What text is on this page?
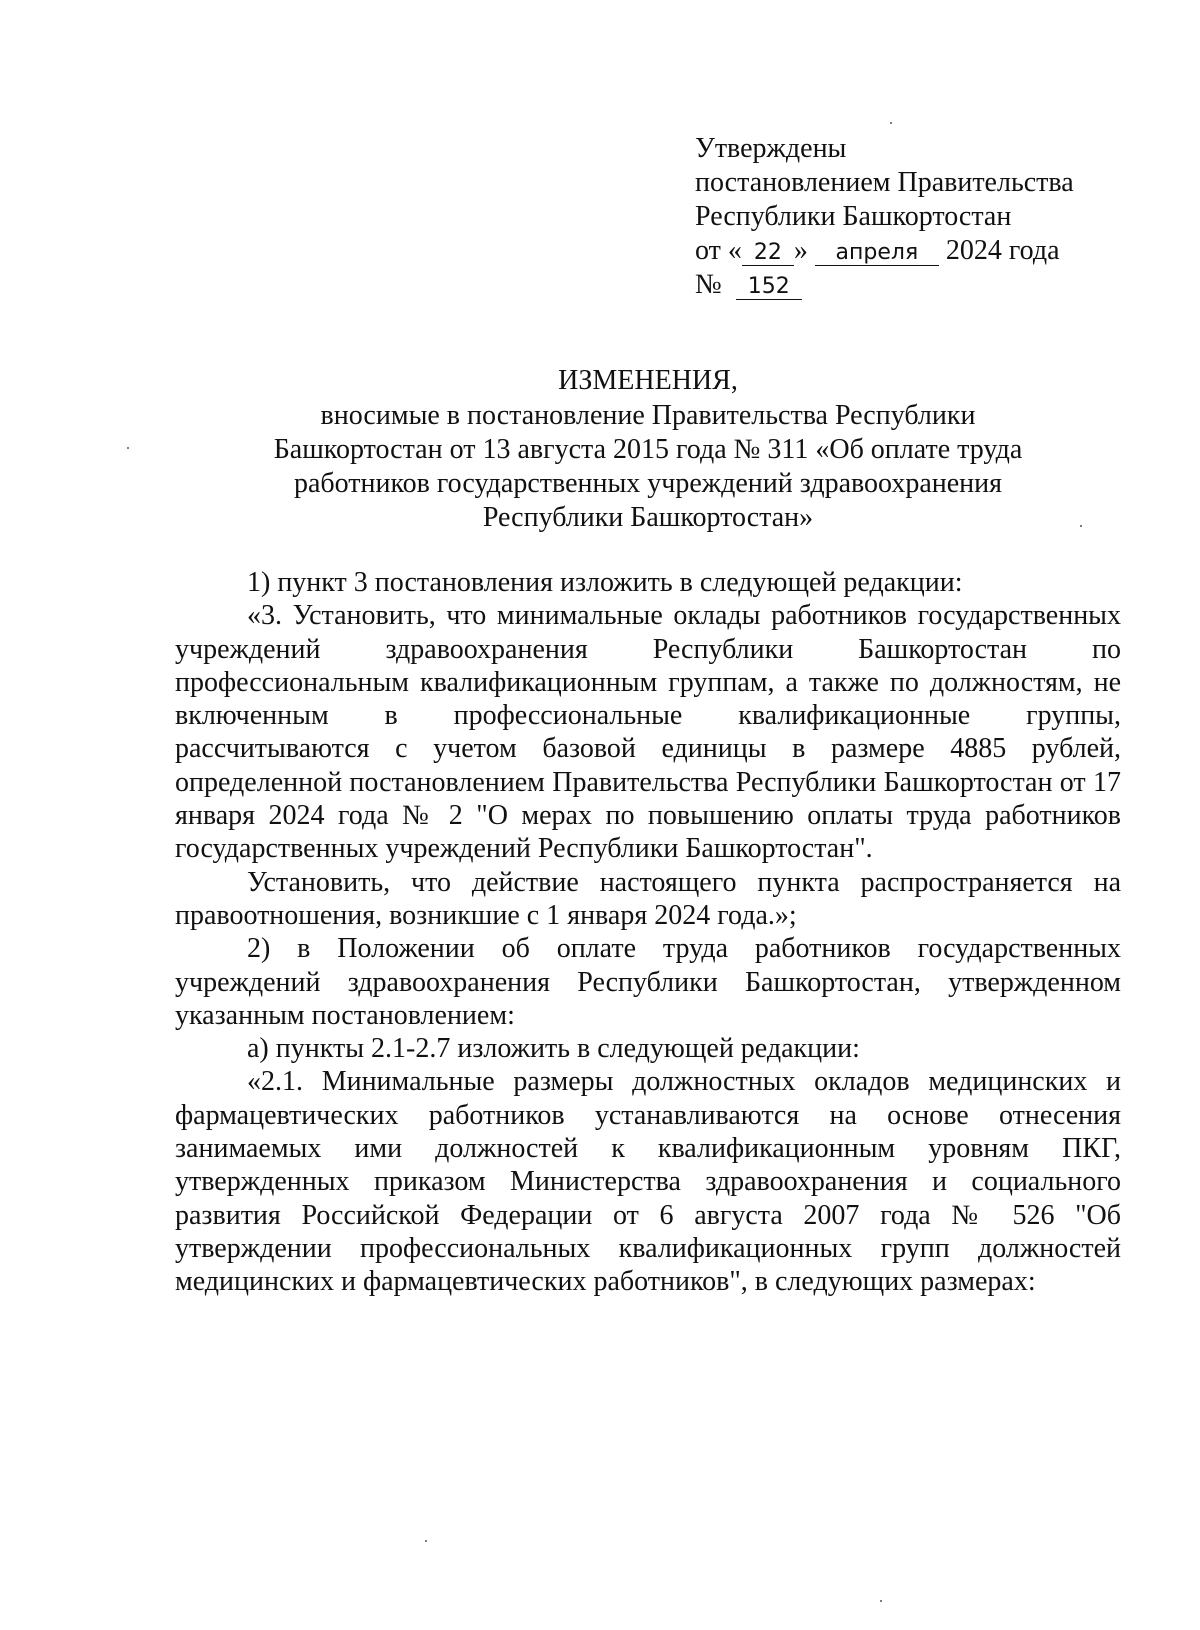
Утверждены
постановлением Правительства
Республики Башкортостан
от « 22 » апреля 2024 года
№ 152
ИЗМЕНЕНИЯ,
вносимые в постановление Правительства Республики
Башкортостан от 13 августа 2015 года № 311 «Об оплате труда
работников государственных учреждений здравоохранения
Республики Башкортостан»

1) пункт 3 постановления изложить в следующей редакции:

«3. Установить, что минимальные оклады работников государственных учреждений здравоохранения Республики Башкортостан по профессиональным квалификационным группам, а также по должностям, не включенным в профессиональные квалификационные группы, рассчитываются с учетом базовой единицы в размере 4885 рублей, определенной постановлением Правительства Республики Башкортостан от 17 января 2024 года № 2 "О мерах по повышению оплаты труда работников государственных учреждений Республики Башкортостан".

Установить, что действие настоящего пункта распространяется на правоотношения, возникшие с 1 января 2024 года.»;

2) в Положении об оплате труда работников государственных учреждений здравоохранения Республики Башкортостан, утвержденном указанным постановлением:

а) пункты 2.1-2.7 изложить в следующей редакции:

«2.1. Минимальные размеры должностных окладов медицинских и фармацевтических работников устанавливаются на основе отнесения занимаемых ими должностей к квалификационным уровням ПКГ, утвержденных приказом Министерства здравоохранения и социального развития Российской Федерации от 6 августа 2007 года № 526 "Об утверждении профессиональных квалификационных групп должностей медицинских и фармацевтических работников", в следующих размерах:
